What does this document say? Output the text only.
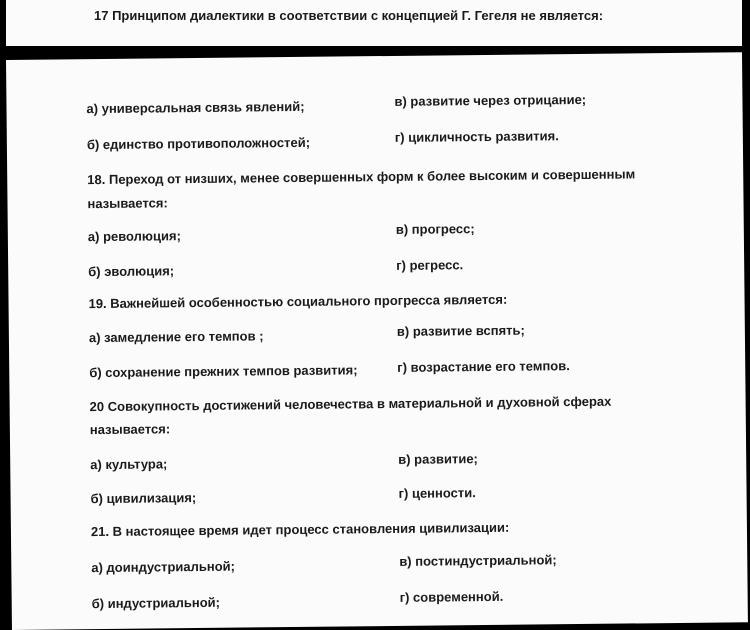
17 Принципом диалектики в соответствии с концепцией Г. Гегеля не является:
а) универсальная связь явлений;	в) развитие через отрицание;
б) единство противоположностей;	г) цикличность развития.
18. Переход от низших, менее совершенных форм к более высоким и совершенным
называется:
а) революция;	в) прогресс;
б) эволюция;	г) регресс.
19. Важнейшей особенностью социального прогресса является:
а) замедление его темпов ;	в) развитие вспять;
б) сохранение прежних темпов развития;	г) возрастание его темпов.
20 Совокупность достижений человечества в материальной и духовной сферах
называется:
а) культура;	в) развитие;
б) цивилизация;	г) ценности.
21. В настоящее время идет процесс становления цивилизации:
а) доиндустриальной;	в) постиндустриальной;
б) индустриальной;	г) современной.
